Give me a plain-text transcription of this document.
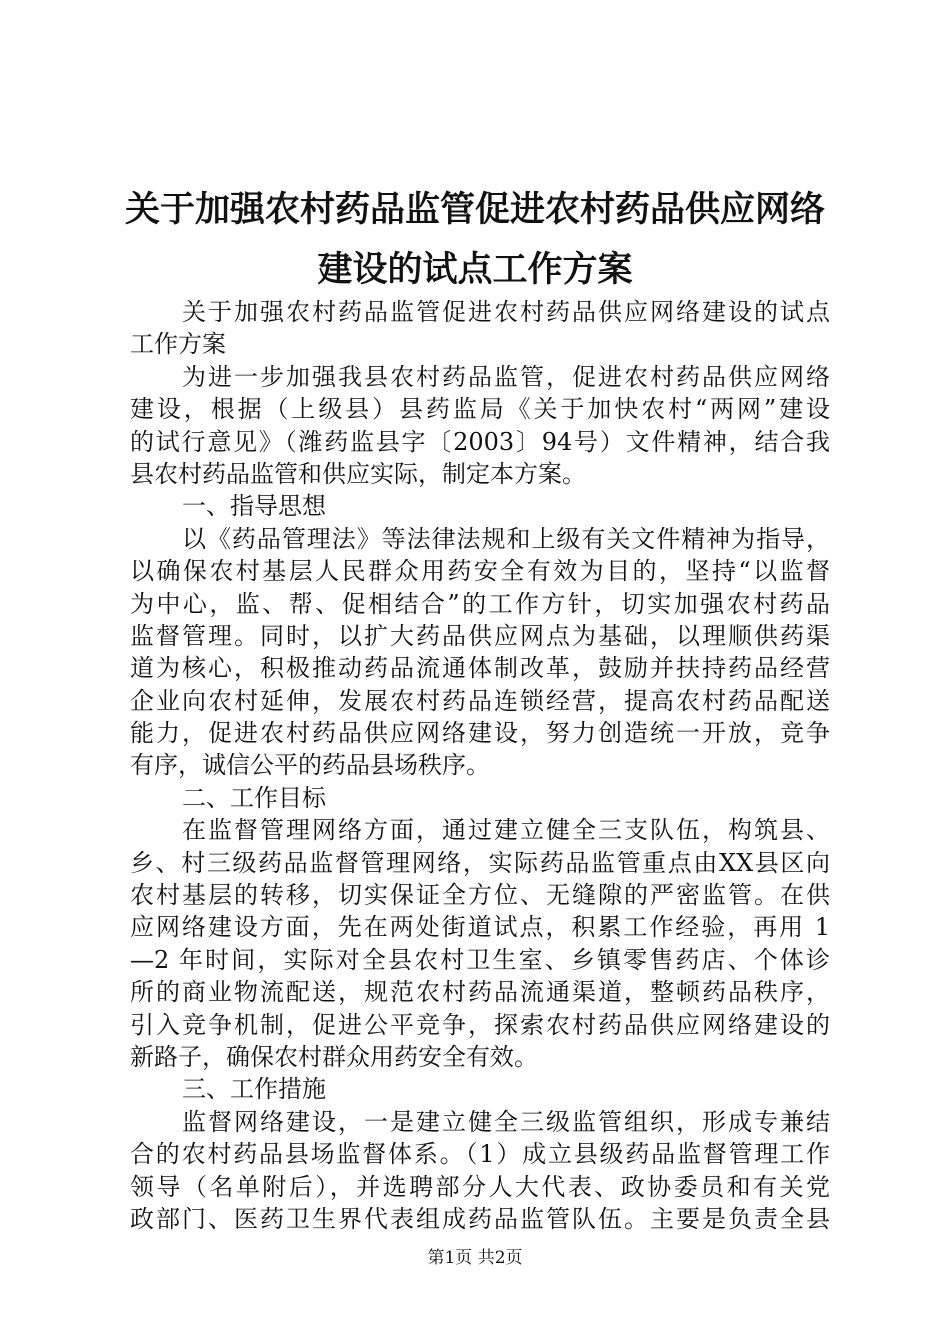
关于加强农村药品监管促进农村药品供应网络
建设的试点工作方案
关于加强农村药品监管促进农村药品供应网络建设的试点
工作方案
为进一步加强我县农村药品监管，促进农村药品供应网络
建设，根据（上级县）县药监局《关于加快农村“两网”建设
的试行意见》（潍药监县字〔2003〕94号）文件精神，结合我
县农村药品监管和供应实际，制定本方案。
一、指导思想
以《药品管理法》等法律法规和上级有关文件精神为指导，
以确保农村基层人民群众用药安全有效为目的，坚持“以监督
为中心，监、帮、促相结合”的工作方针，切实加强农村药品
监督管理。同时，以扩大药品供应网点为基础，以理顺供药渠
道为核心，积极推动药品流通体制改革，鼓励并扶持药品经营
企业向农村延伸，发展农村药品连锁经营，提高农村药品配送
能力，促进农村药品供应网络建设，努力创造统一开放，竞争
有序，诚信公平的药品县场秩序。
二、工作目标
在监督管理网络方面，通过建立健全三支队伍，构筑县、
乡、村三级药品监督管理网络，实际药品监管重点由XX县区向
农村基层的转移，切实保证全方位、无缝隙的严密监管。在供
应网络建设方面，先在两处街道试点，积累工作经验，再用 1
—2 年时间，实际对全县农村卫生室、乡镇零售药店、个体诊
所的商业物流配送，规范农村药品流通渠道，整顿药品秩序，
引入竞争机制，促进公平竞争，探索农村药品供应网络建设的
新路子，确保农村群众用药安全有效。
三、工作措施
监督网络建设，一是建立健全三级监管组织，形成专兼结
合的农村药品县场监督体系。（1）成立县级药品监督管理工作
领导（名单附后），并选聘部分人大代表、政协委员和有关党
政部门、医药卫生界代表组成药品监管队伍。主要是负责全县
第1页 共2页
